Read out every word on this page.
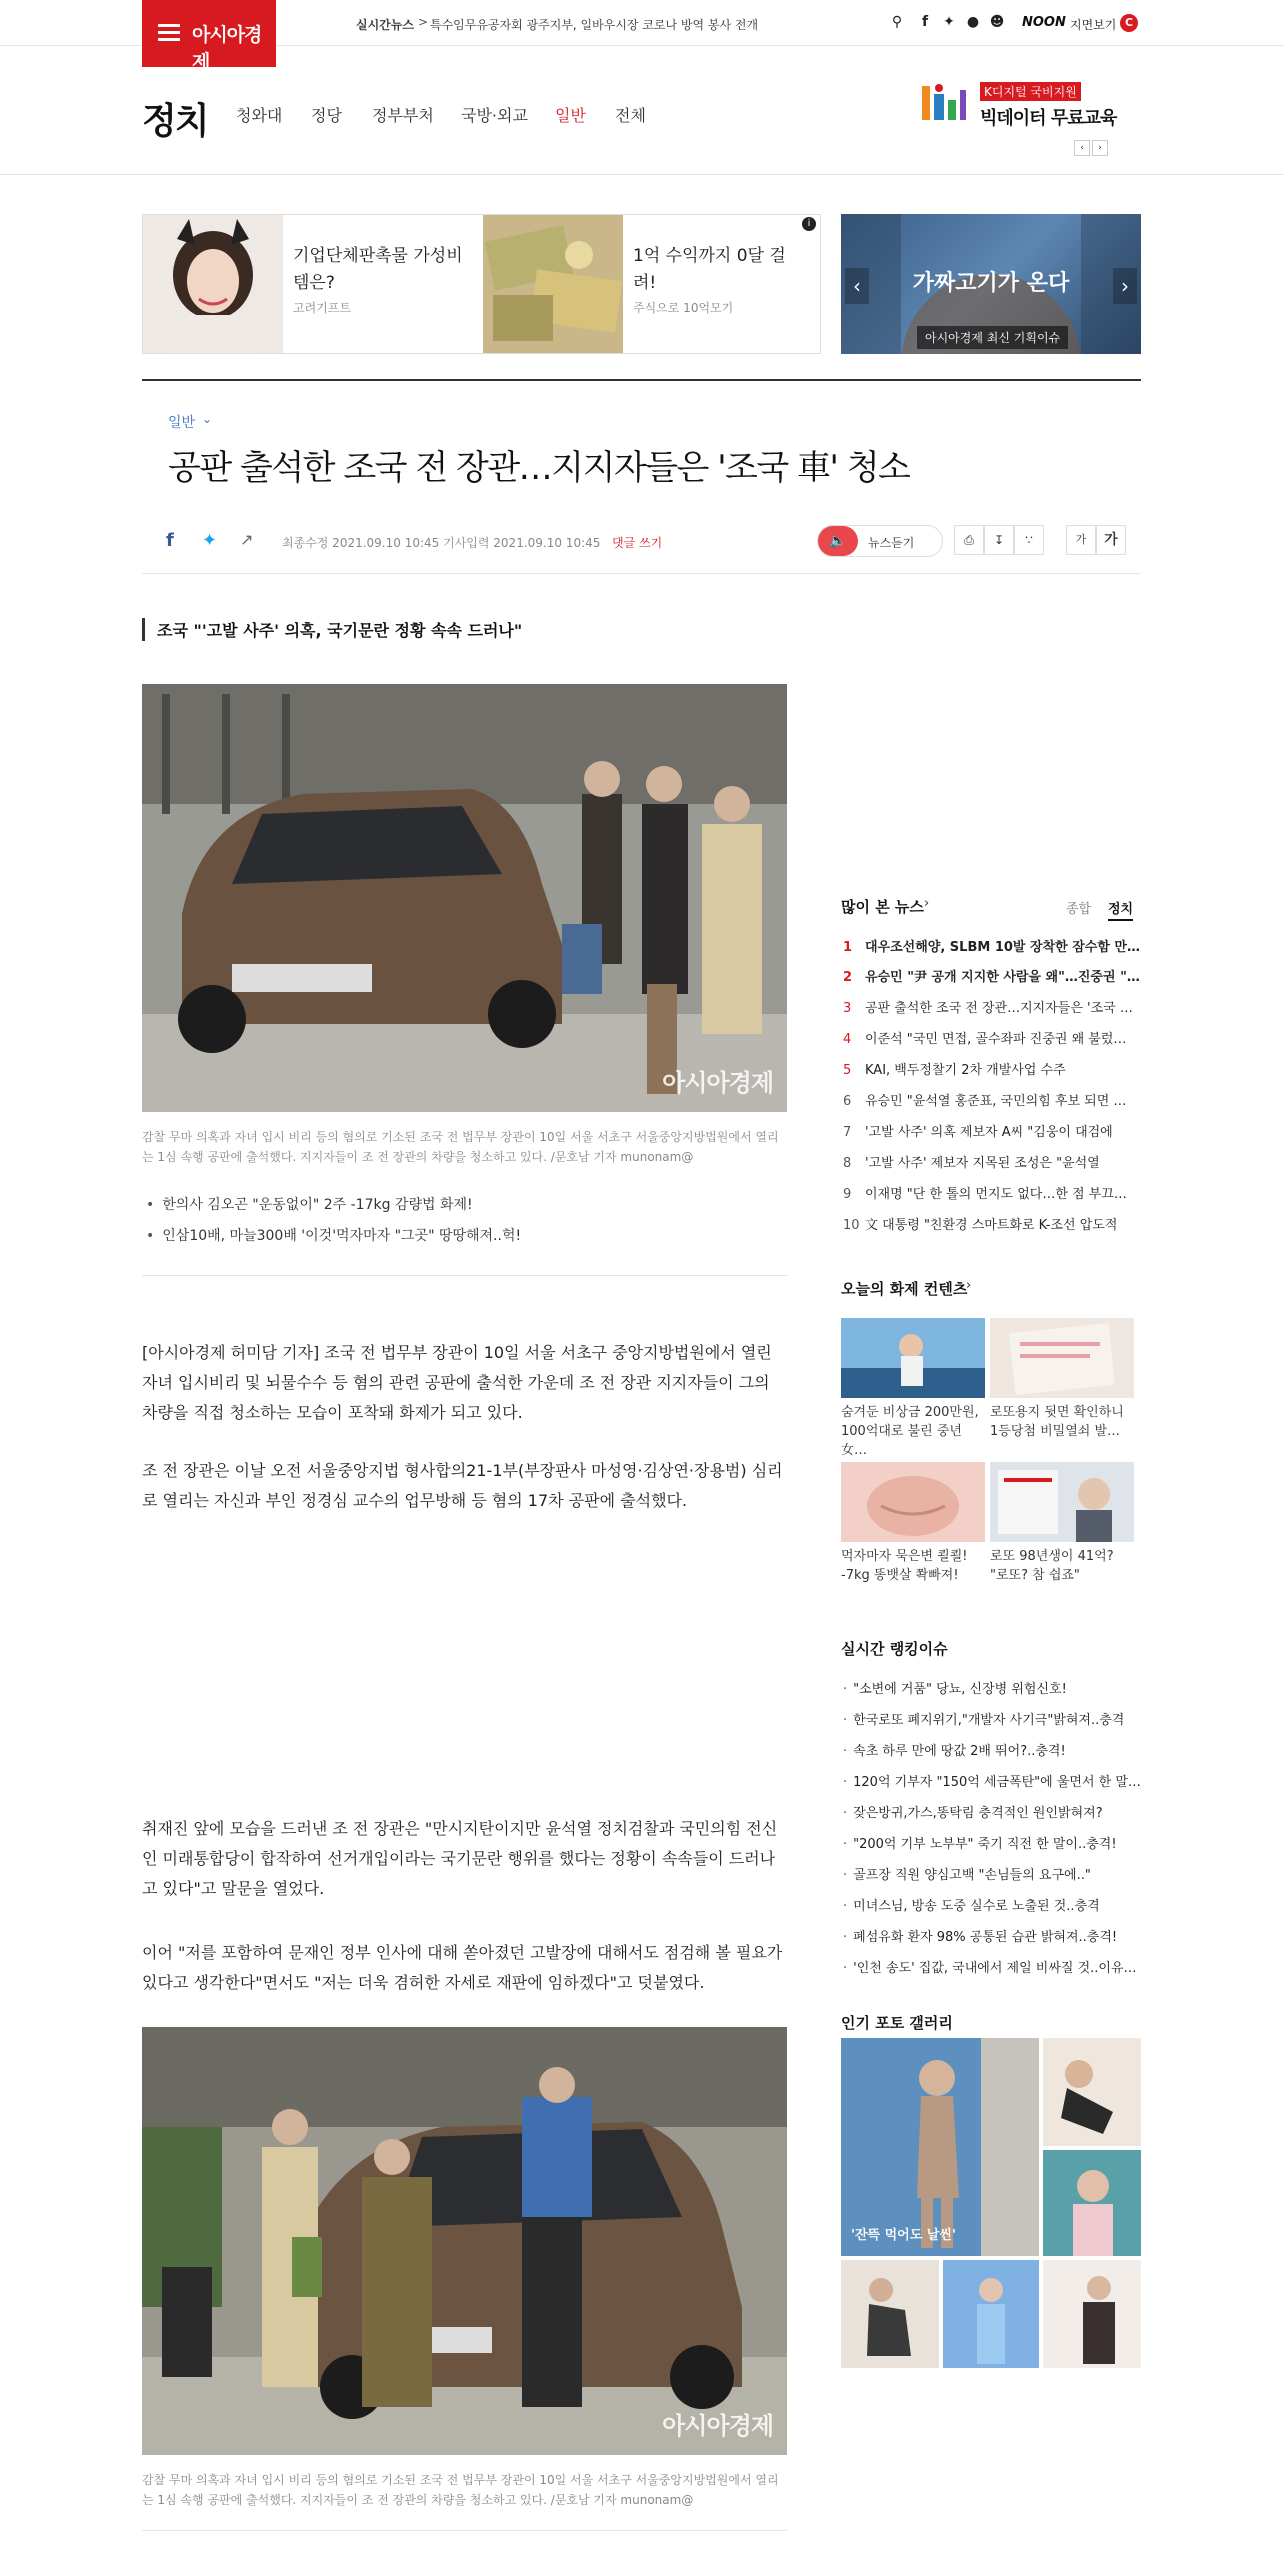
아시아경제
실시간뉴스 > 특수임무유공자회 광주지부, 일바우시장 코로나 방역 봉사 전개	⚲	f	✦ ● ☻ NOON 지면보기 C
정치 청와대 정당 정부부처 국방·외교 일반 전체
K디지털 국비지원
빅데이터 무료교육
‹	›
기업단체판촉물 가성비템은?
고려기프트
1억 수익까지 0달 걸려!
주식으로 10억모기
i
‹	›
가짜고기가 온다
아시아경제 최신 기획이슈
일반 ⌄
공판 출석한 조국 전 장관…지지자들은 '조국 車' 청소
f ✦ ↗ 최종수정 2021.09.10 10:45 기사입력 2021.09.10 10:45 댓글 쓰기	🔈	뉴스듣기	⎙	↧	∵	가	가
조국 "'고발 사주' 의혹, 국기문란 정황 속속 드러나"
아시아경제

감찰 무마 의혹과 자녀 입시 비리 등의 혐의로 기소된 조국 전 법무부 장관이 10일 서울 서초구 서울중앙지방법원에서 열리는 1심 속행 공판에 출석했다. 지지자들이 조 전 장관의 차량을 청소하고 있다. /문호남 기자 munonam@

• 한의사 김오곤 "운동없이" 2주 -17kg 감량법 화제!
• 인삼10배, 마늘300배 '이것'먹자마자 "그곳" 땅땅해져..헉!

[아시아경제 허미담 기자] 조국 전 법무부 장관이 10일 서울 서초구 중앙지방법원에서 열린 자녀 입시비리 및 뇌물수수 등 혐의 관련 공판에 출석한 가운데 조 전 장관 지지자들이 그의 차량을 직접 청소하는 모습이 포착돼 화제가 되고 있다.

조 전 장관은 이날 오전 서울중앙지법 형사합의21-1부(부장판사 마성영·김상연·장용범) 심리로 열리는 자신과 부인 정경심 교수의 업무방해 등 혐의 17차 공판에 출석했다.

취재진 앞에 모습을 드러낸 조 전 장관은 "만시지탄이지만 윤석열 정치검찰과 국민의힘 전신인 미래통합당이 합작하여 선거개입이라는 국기문란 행위를 했다는 정황이 속속들이 드러나고 있다"고 말문을 열었다.

이어 "저를 포함하여 문재인 정부 인사에 대해 쏟아졌던 고발장에 대해서도 점검해 볼 필요가 있다고 생각한다"면서도 "저는 더욱 겸허한 자세로 재판에 임하겠다"고 덧붙였다.

아시아경제

감찰 무마 의혹과 자녀 입시 비리 등의 혐의로 기소된 조국 전 법무부 장관이 10일 서울 서초구 서울중앙지방법원에서 열리는 1심 속행 공판에 출석했다. 지지자들이 조 전 장관의 차량을 청소하고 있다. /문호남 기자 munonam@

많이 본 뉴스 ›	종합 정치
1 대우조선해양, SLBM 10발 장착한 잠수함 만…
2 유승민 "尹 공개 지지한 사람을 왜"…진중권 "…
3 공판 출석한 조국 전 장관…지지자들은 '조국 …
4 이준석 "국민 면접, 골수좌파 진중권 왜 불렀…
5 KAI, 백두정찰기 2차 개발사업 수주
6 유승민 "윤석열 홍준표, 국민의힘 후보 되면 …
7 '고발 사주' 의혹 제보자 A씨 "김웅이 대검에
8 '고발 사주' 제보자 지목된 조성은 "윤석열
9 이재명 "단 한 톨의 먼지도 없다…한 점 부끄…
10 文 대통령 "친환경 스마트화로 K-조선 압도적
오늘의 화제 컨텐츠
›

숨겨둔 비상금 200만원, 100억대로 불린 중년女…

로또용지 뒷면 확인하니 1등당첨 비밀열쇠 발…

먹자마자 묵은변 쾰쾰! -7kg 똥뱃살 쫙빠져!

로또 98년생이 41억? "로또? 참 쉽죠"

실시간 랭킹이슈
· "소변에 거품" 당뇨, 신장병 위험신호!
· 한국로또 폐지위기,"개발자 사기극"밝혀져..충격
· 속초 하루 만에 땅값 2배 뛰어?..충격!
· 120억 기부자 "150억 세금폭탄"에 울면서 한 말…
· 잦은방귀,가스,똥탁림 충격적인 원인밝혀져?
· "200억 기부 노부부" 죽기 직전 한 말이..충격!
· 골프장 직원 양심고백 "손님들의 요구에.."
· 미녀스님, 방송 도중 실수로 노출된 것..충격
· 폐섬유화 환자 98% 공통된 습관 밝혀져..충격!
· '인천 송도' 집값, 국내에서 제일 비싸질 것..이유…
인기 포토 갤러리
'잔뜩 먹어도 날씬'
